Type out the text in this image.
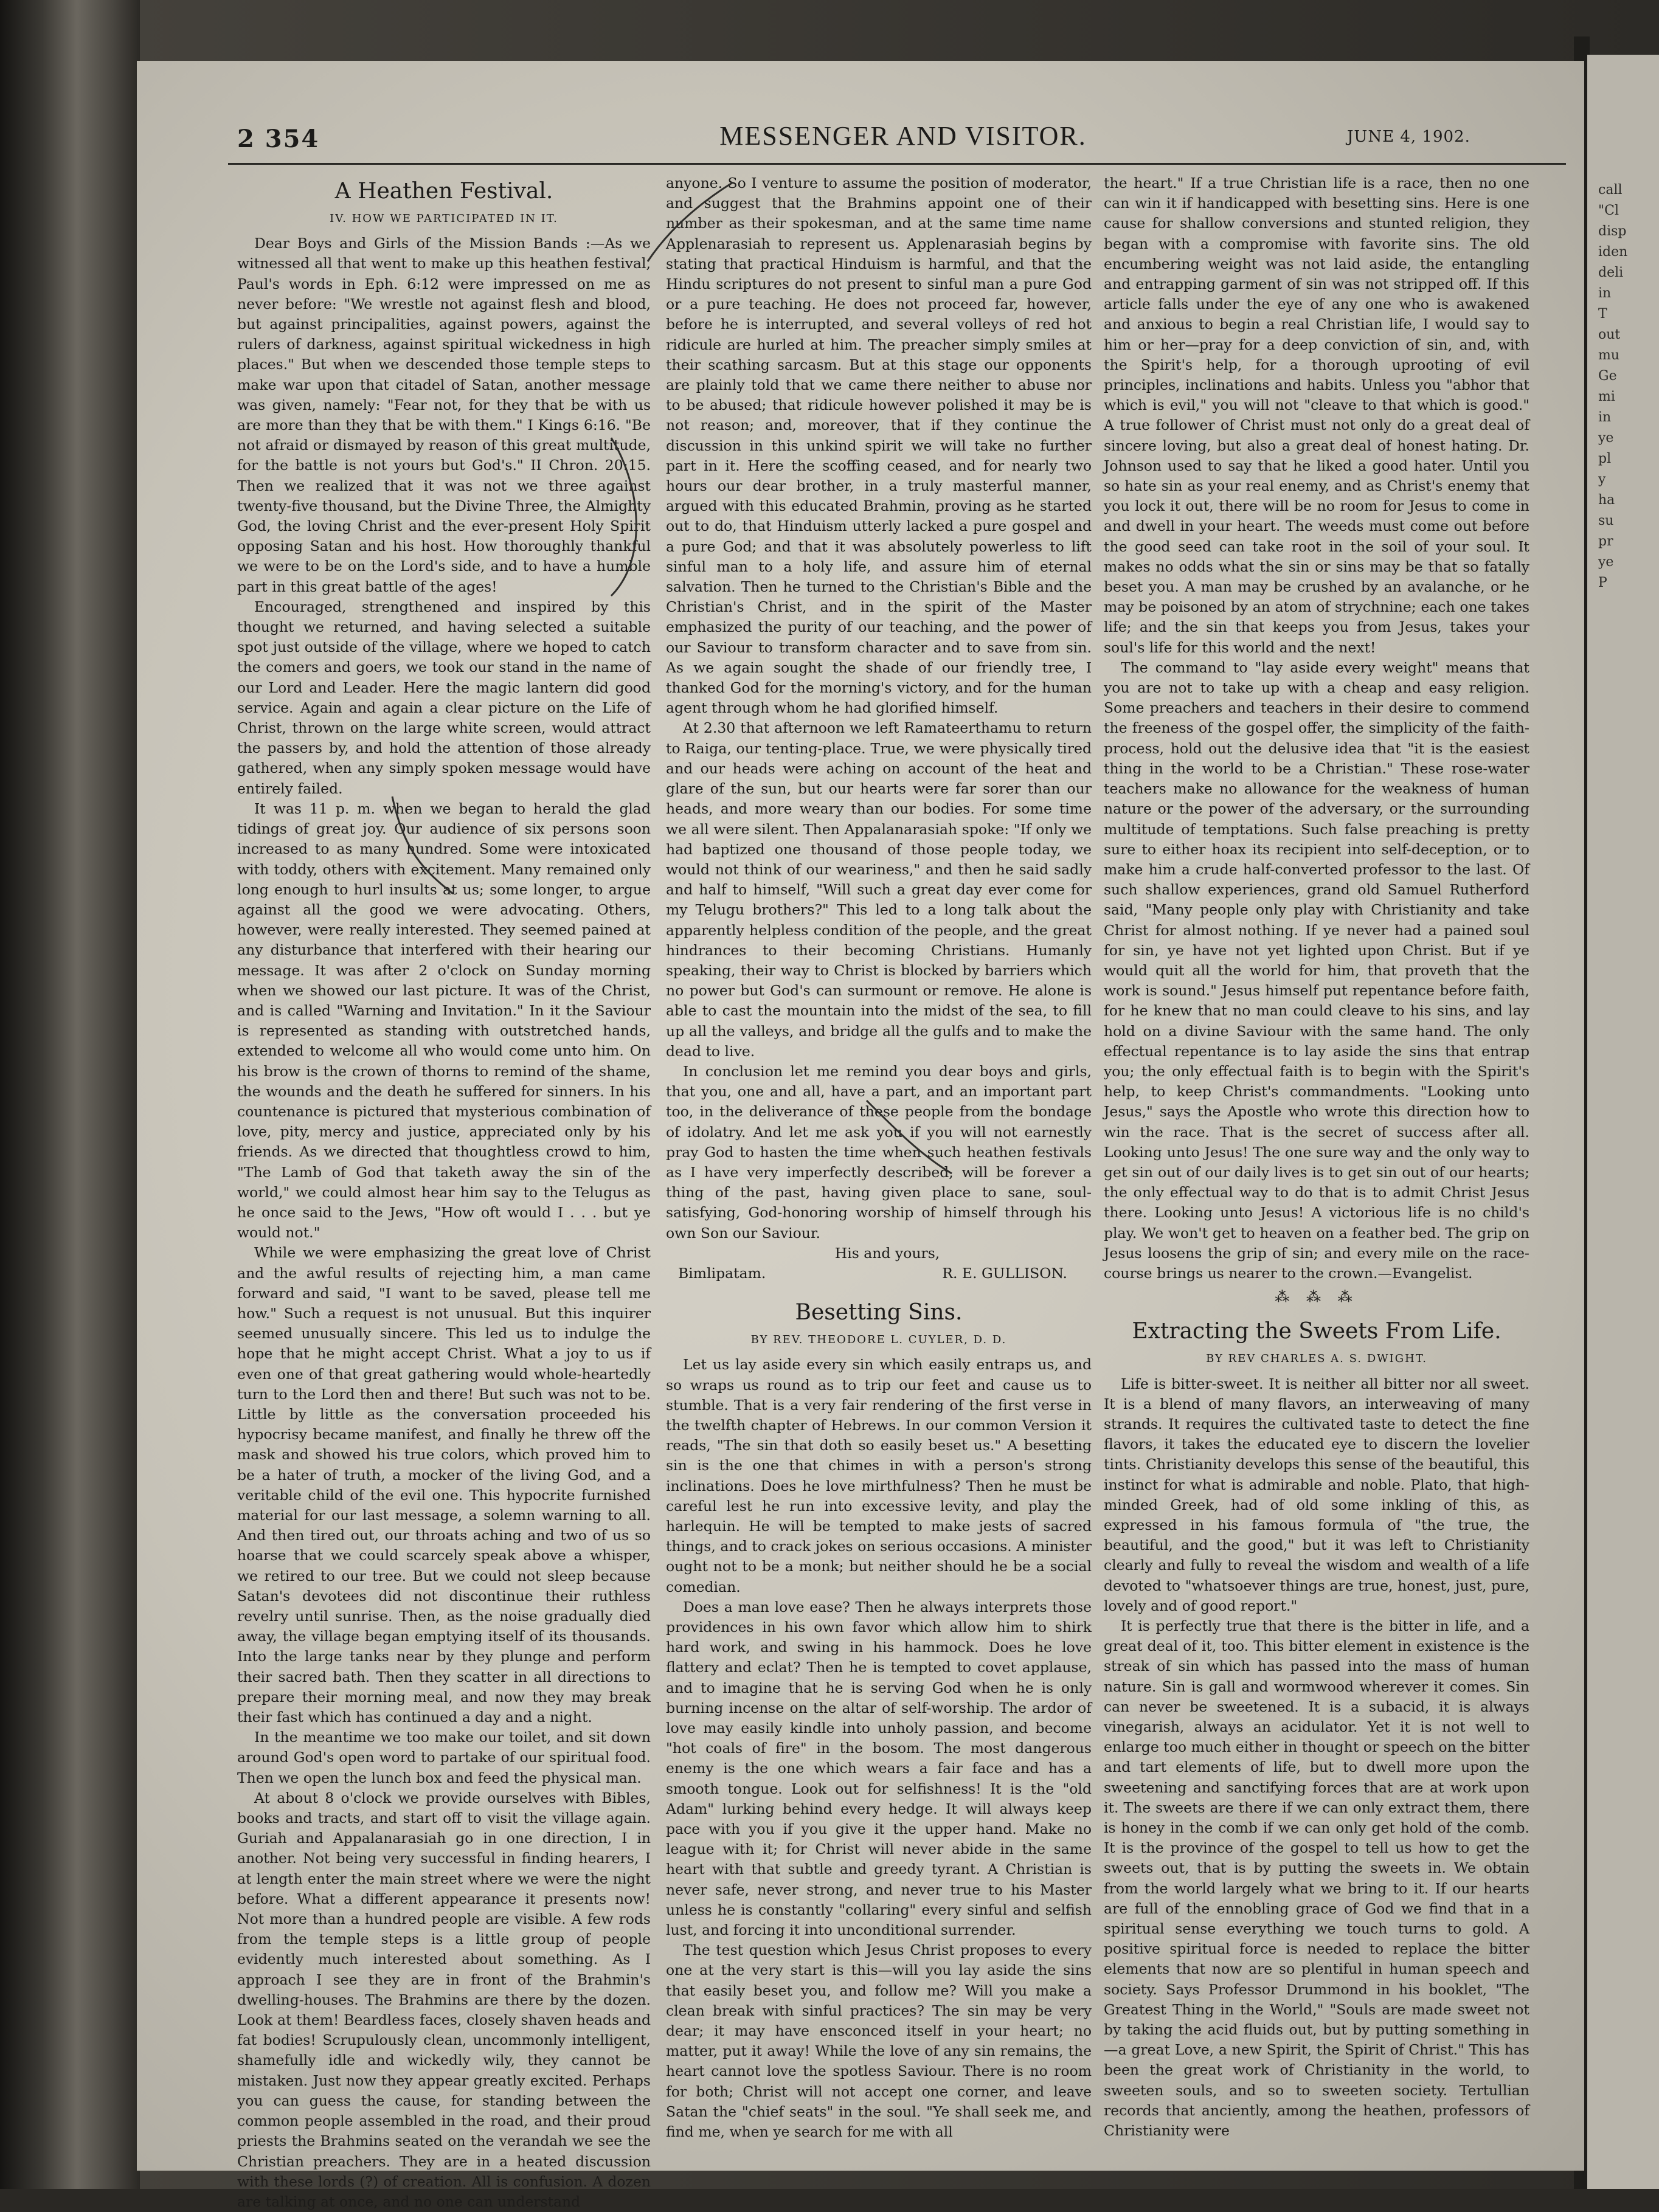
call
"Cl
disp
iden
deli
in
T
out
mu
Ge
mi
in
ye
pl
y
ha
su
pr
ye
P
2 354	MESSENGER AND VISITOR.	JUNE 4, 1902.
A Heathen Festival.
IV. HOW WE PARTICIPATED IN IT.

Dear Boys and Girls of the Mission Bands :—As we witnessed all that went to make up this heathen festival, Paul's words in Eph. 6:12 were impressed on me as never before: "We wrestle not against flesh and blood, but against principalities, against powers, against the rulers of darkness, against spiritual wickedness in high places." But when we descended those temple steps to make war upon that citadel of Satan, another message was given, namely: "Fear not, for they that be with us are more than they that be with them." I Kings 6:16. "Be not afraid or dismayed by reason of this great multitude, for the battle is not yours but God's." II Chron. 20:15. Then we realized that it was not we three against twenty-five thousand, but the Divine Three, the Almighty God, the loving Christ and the ever-present Holy Spirit opposing Satan and his host. How thoroughly thankful we were to be on the Lord's side, and to have a humble part in this great battle of the ages!

Encouraged, strengthened and inspired by this thought we returned, and having selected a suitable spot just outside of the village, where we hoped to catch the comers and goers, we took our stand in the name of our Lord and Leader. Here the magic lantern did good service. Again and again a clear picture on the Life of Christ, thrown on the large white screen, would attract the passers by, and hold the attention of those already gathered, when any simply spoken message would have entirely failed.

It was 11 p. m. when we began to herald the glad tidings of great joy. Our audience of six persons soon increased to as many hundred. Some were intoxicated with toddy, others with excitement. Many remained only long enough to hurl insults at us; some longer, to argue against all the good we were advocating. Others, however, were really interested. They seemed pained at any disturbance that interfered with their hearing our message. It was after 2 o'clock on Sunday morning when we showed our last picture. It was of the Christ, and is called "Warning and Invitation." In it the Saviour is represented as standing with outstretched hands, extended to welcome all who would come unto him. On his brow is the crown of thorns to remind of the shame, the wounds and the death he suffered for sinners. In his countenance is pictured that mysterious combination of love, pity, mercy and justice, appreciated only by his friends. As we directed that thoughtless crowd to him, "The Lamb of God that taketh away the sin of the world," we could almost hear him say to the Telugus as he once said to the Jews, "How oft would I . . . but ye would not."

While we were emphasizing the great love of Christ and the awful results of rejecting him, a man came forward and said, "I want to be saved, please tell me how." Such a request is not unusual. But this inquirer seemed unusually sincere. This led us to indulge the hope that he might accept Christ. What a joy to us if even one of that great gathering would whole-heartedly turn to the Lord then and there! But such was not to be. Little by little as the conversation proceeded his hypocrisy became manifest, and finally he threw off the mask and showed his true colors, which proved him to be a hater of truth, a mocker of the living God, and a veritable child of the evil one. This hypocrite furnished material for our last message, a solemn warning to all. And then tired out, our throats aching and two of us so hoarse that we could scarcely speak above a whisper, we retired to our tree. But we could not sleep because Satan's devotees did not discontinue their ruthless revelry until sunrise. Then, as the noise gradually died away, the village began emptying itself of its thousands. Into the large tanks near by they plunge and perform their sacred bath. Then they scatter in all directions to prepare their morning meal, and now they may break their fast which has continued a day and a night.

In the meantime we too make our toilet, and sit down around God's open word to partake of our spiritual food. Then we open the lunch box and feed the physical man.

At about 8 o'clock we provide ourselves with Bibles, books and tracts, and start off to visit the village again. Guriah and Appalanarasiah go in one direction, I in another. Not being very successful in finding hearers, I at length enter the main street where we were the night before. What a different appearance it presents now! Not more than a hundred people are visible. A few rods from the temple steps is a little group of people evidently much interested about something. As I approach I see they are in front of the Brahmin's dwelling-houses. The Brahmins are there by the dozen. Look at them! Beardless faces, closely shaven heads and fat bodies! Scrupulously clean, uncommonly intelligent, shamefully idle and wickedly wily, they cannot be mistaken. Just now they appear greatly excited. Perhaps you can guess the cause, for standing between the common people assembled in the road, and their proud priests the Brahmins seated on the verandah we see the Christian preachers. They are in a heated discussion with these lords (?) of creation. All is confusion. A dozen are talking at once, and no one can understand

anyone. So I venture to assume the position of moderator, and suggest that the Brahmins appoint one of their number as their spokesman, and at the same time name Applenarasiah to represent us. Applenarasiah begins by stating that practical Hinduism is harmful, and that the Hindu scriptures do not present to sinful man a pure God or a pure teaching. He does not proceed far, however, before he is interrupted, and several volleys of red hot ridicule are hurled at him. The preacher simply smiles at their scathing sarcasm. But at this stage our opponents are plainly told that we came there neither to abuse nor to be abused; that ridicule however polished it may be is not reason; and, moreover, that if they continue the discussion in this unkind spirit we will take no further part in it. Here the scoffing ceased, and for nearly two hours our dear brother, in a truly masterful manner, argued with this educated Brahmin, proving as he started out to do, that Hinduism utterly lacked a pure gospel and a pure God; and that it was absolutely powerless to lift sinful man to a holy life, and assure him of eternal salvation. Then he turned to the Christian's Bible and the Christian's Christ, and in the spirit of the Master emphasized the purity of our teaching, and the power of our Saviour to transform character and to save from sin. As we again sought the shade of our friendly tree, I thanked God for the morning's victory, and for the human agent through whom he had glorified himself.

At 2.30 that afternoon we left Ramateerthamu to return to Raiga, our tenting-place. True, we were physically tired and our heads were aching on account of the heat and glare of the sun, but our hearts were far sorer than our heads, and more weary than our bodies. For some time we all were silent. Then Appalanarasiah spoke: "If only we had baptized one thousand of those people today, we would not think of our weariness," and then he said sadly and half to himself, "Will such a great day ever come for my Telugu brothers?" This led to a long talk about the apparently helpless condition of the people, and the great hindrances to their becoming Christians. Humanly speaking, their way to Christ is blocked by barriers which no power but God's can surmount or remove. He alone is able to cast the mountain into the midst of the sea, to fill up all the valleys, and bridge all the gulfs and to make the dead to live.

In conclusion let me remind you dear boys and girls, that you, one and all, have a part, and an important part too, in the deliverance of these people from the bondage of idolatry. And let me ask you if you will not earnestly pray God to hasten the time when such heathen festivals as I have very imperfectly described, will be forever a thing of the past, having given place to sane, soul-satisfying, God-honoring worship of himself through his own Son our Saviour.

His and yours,

Bimlipatam.	R. E. GULLISON.
Besetting Sins.
BY REV. THEODORE L. CUYLER, D. D.

Let us lay aside every sin which easily entraps us, and so wraps us round as to trip our feet and cause us to stumble. That is a very fair rendering of the first verse in the twelfth chapter of Hebrews. In our common Version it reads, "The sin that doth so easily beset us." A besetting sin is the one that chimes in with a person's strong inclinations. Does he love mirthfulness? Then he must be careful lest he run into excessive levity, and play the harlequin. He will be tempted to make jests of sacred things, and to crack jokes on serious occasions. A minister ought not to be a monk; but neither should he be a social comedian.

Does a man love ease? Then he always interprets those providences in his own favor which allow him to shirk hard work, and swing in his hammock. Does he love flattery and eclat? Then he is tempted to covet applause, and to imagine that he is serving God when he is only burning incense on the altar of self-worship. The ardor of love may easily kindle into unholy passion, and become "hot coals of fire" in the bosom. The most dangerous enemy is the one which wears a fair face and has a smooth tongue. Look out for selfishness! It is the "old Adam" lurking behind every hedge. It will always keep pace with you if you give it the upper hand. Make no league with it; for Christ will never abide in the same heart with that subtle and greedy tyrant. A Christian is never safe, never strong, and never true to his Master unless he is constantly "collaring" every sinful and selfish lust, and forcing it into unconditional surrender.

The test question which Jesus Christ proposes to every one at the very start is this—will you lay aside the sins that easily beset you, and follow me? Will you make a clean break with sinful practices? The sin may be very dear; it may have ensconced itself in your heart; no matter, put it away! While the love of any sin remains, the heart cannot love the spotless Saviour. There is no room for both; Christ will not accept one corner, and leave Satan the "chief seats" in the soul. "Ye shall seek me, and find me, when ye search for me with all

the heart." If a true Christian life is a race, then no one can win it if handicapped with besetting sins. Here is one cause for shallow conversions and stunted religion, they began with a compromise with favorite sins. The old encumbering weight was not laid aside, the entangling and entrapping garment of sin was not stripped off. If this article falls under the eye of any one who is awakened and anxious to begin a real Christian life, I would say to him or her—pray for a deep conviction of sin, and, with the Spirit's help, for a thorough uprooting of evil principles, inclinations and habits. Unless you "abhor that which is evil," you will not "cleave to that which is good." A true follower of Christ must not only do a great deal of sincere loving, but also a great deal of honest hating. Dr. Johnson used to say that he liked a good hater. Until you so hate sin as your real enemy, and as Christ's enemy that you lock it out, there will be no room for Jesus to come in and dwell in your heart. The weeds must come out before the good seed can take root in the soil of your soul. It makes no odds what the sin or sins may be that so fatally beset you. A man may be crushed by an avalanche, or he may be poisoned by an atom of strychnine; each one takes life; and the sin that keeps you from Jesus, takes your soul's life for this world and the next!

The command to "lay aside every weight" means that you are not to take up with a cheap and easy religion. Some preachers and teachers in their desire to commend the freeness of the gospel offer, the simplicity of the faith-process, hold out the delusive idea that "it is the easiest thing in the world to be a Christian." These rose-water teachers make no allowance for the weakness of human nature or the power of the adversary, or the surrounding multitude of temptations. Such false preaching is pretty sure to either hoax its recipient into self-deception, or to make him a crude half-converted professor to the last. Of such shallow experiences, grand old Samuel Rutherford said, "Many people only play with Christianity and take Christ for almost nothing. If ye never had a pained soul for sin, ye have not yet lighted upon Christ. But if ye would quit all the world for him, that proveth that the work is sound." Jesus himself put repentance before faith, for he knew that no man could cleave to his sins, and lay hold on a divine Saviour with the same hand. The only effectual repentance is to lay aside the sins that entrap you; the only effectual faith is to begin with the Spirit's help, to keep Christ's commandments. "Looking unto Jesus," says the Apostle who wrote this direction how to win the race. That is the secret of success after all. Looking unto Jesus! The one sure way and the only way to get sin out of our daily lives is to get sin out of our hearts; the only effectual way to do that is to admit Christ Jesus there. Looking unto Jesus! A victorious life is no child's play. We won't get to heaven on a feather bed. The grip on Jesus loosens the grip of sin; and every mile on the race-course brings us nearer to the crown.—Evangelist.

⁂ ⁂ ⁂
Extracting the Sweets From Life.
BY REV CHARLES A. S. DWIGHT.

Life is bitter-sweet. It is neither all bitter nor all sweet. It is a blend of many flavors, an interweaving of many strands. It requires the cultivated taste to detect the fine flavors, it takes the educated eye to discern the lovelier tints. Christianity develops this sense of the beautiful, this instinct for what is admirable and noble. Plato, that high-minded Greek, had of old some inkling of this, as expressed in his famous formula of "the true, the beautiful, and the good," but it was left to Christianity clearly and fully to reveal the wisdom and wealth of a life devoted to "whatsoever things are true, honest, just, pure, lovely and of good report."

It is perfectly true that there is the bitter in life, and a great deal of it, too. This bitter element in existence is the streak of sin which has passed into the mass of human nature. Sin is gall and wormwood wherever it comes. Sin can never be sweetened. It is a subacid, it is always vinegarish, always an acidulator. Yet it is not well to enlarge too much either in thought or speech on the bitter and tart elements of life, but to dwell more upon the sweetening and sanctifying forces that are at work upon it. The sweets are there if we can only extract them, there is honey in the comb if we can only get hold of the comb. It is the province of the gospel to tell us how to get the sweets out, that is by putting the sweets in. We obtain from the world largely what we bring to it. If our hearts are full of the ennobling grace of God we find that in a spiritual sense everything we touch turns to gold. A positive spiritual force is needed to replace the bitter elements that now are so plentiful in human speech and society. Says Professor Drummond in his booklet, "The Greatest Thing in the World," "Souls are made sweet not by taking the acid fluids out, but by putting something in—a great Love, a new Spirit, the Spirit of Christ." This has been the great work of Christianity in the world, to sweeten souls, and so to sweeten society. Tertullian records that anciently, among the heathen, professors of Christianity were
